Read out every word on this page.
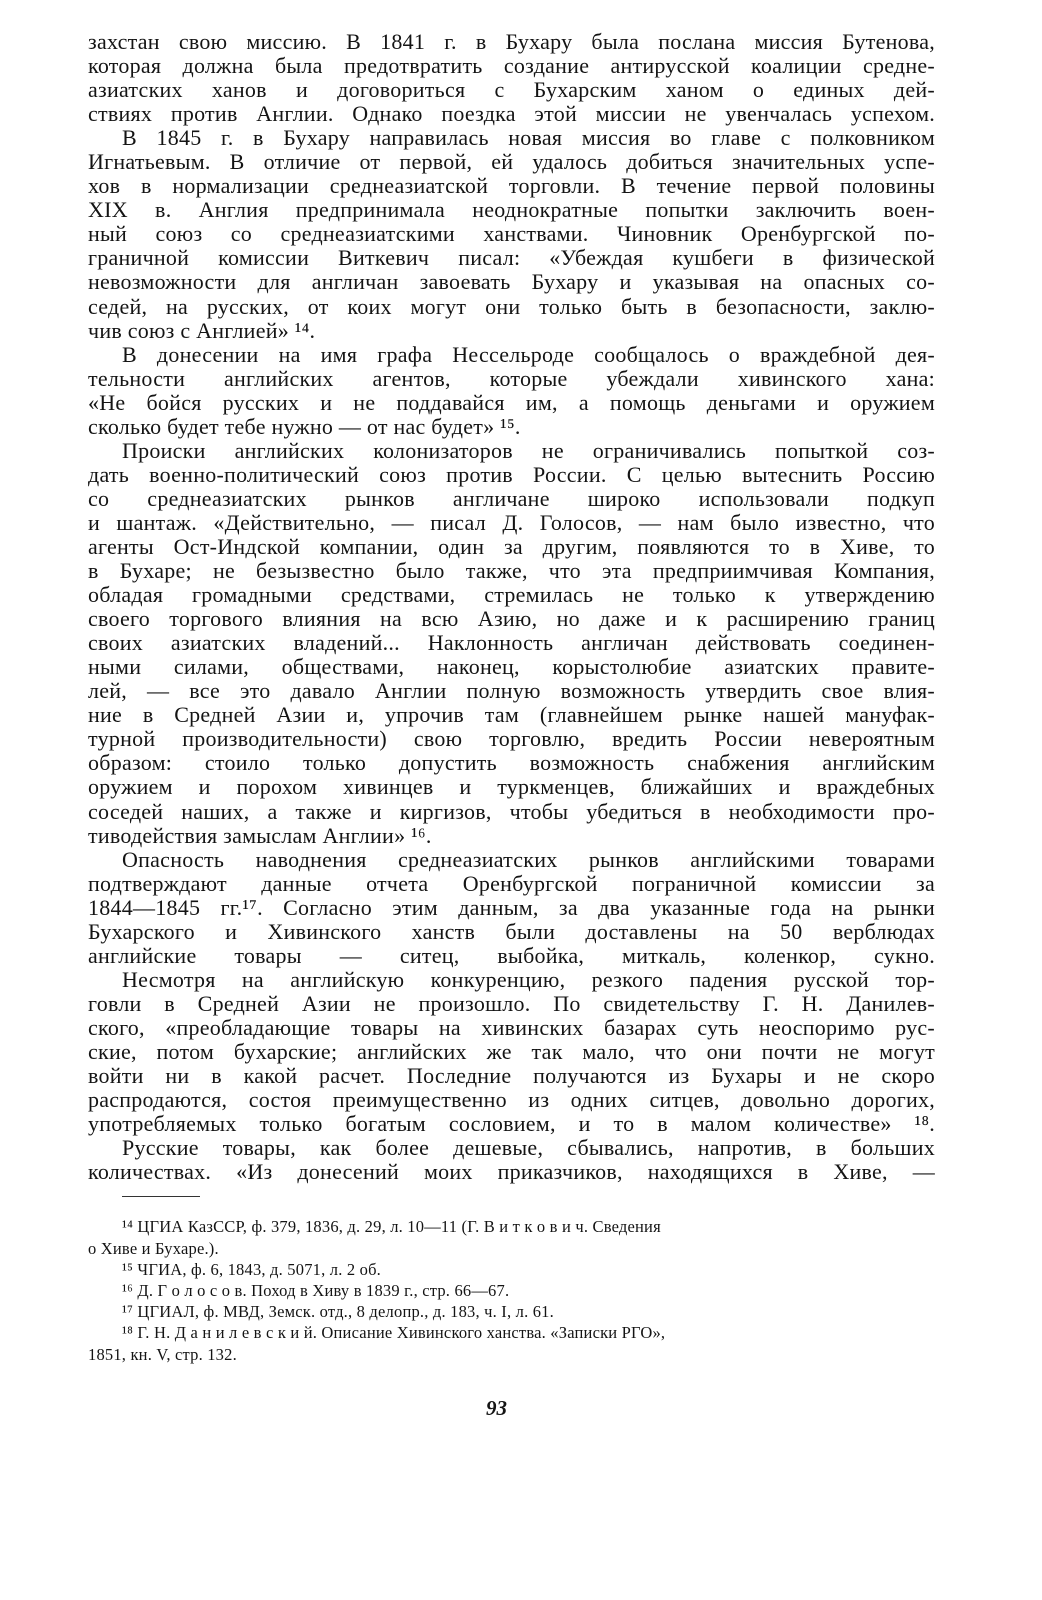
захстан свою миссию. В 1841 г. в Бухару была послана миссия Бутенова,
которая должна была предотвратить создание антирусской коалиции средне-
азиатских ханов и договориться с Бухарским ханом о единых дей-
ствиях против Англии. Однако поездка этой миссии не увенчалась успехом.
В 1845 г. в Бухару направилась новая миссия во главе с полковником
Игнатьевым. В отличие от первой, ей удалось добиться значительных успе-
хов в нормализации среднеазиатской торговли. В течение первой половины
XIX в. Англия предпринимала неоднократные попытки заключить воен-
ный союз со среднеазиатскими ханствами. Чиновник Оренбургской по-
граничной комиссии Виткевич писал: «Убеждая кушбеги в физической
невозможности для англичан завоевать Бухару и указывая на опасных со-
седей, на русских, от коих могут они только быть в безопасности, заклю-
чив союз с Англией» ¹⁴.
В донесении на имя графа Нессельроде сообщалось о враждебной дея-
тельности английских агентов, которые убеждали хивинского хана:
«Не бойся русских и не поддавайся им, а помощь деньгами и оружием
сколько будет тебе нужно — от нас будет» ¹⁵.
Происки английских колонизаторов не ограничивались попыткой соз-
дать военно-политический союз против России. С целью вытеснить Россию
со среднеазиатских рынков англичане широко использовали подкуп
и шантаж. «Действительно, — писал Д. Голосов, — нам было известно, что
агенты Ост-Индской компании, один за другим, появляются то в Хиве, то
в Бухаре; не безызвестно было также, что эта предприимчивая Компания,
обладая громадными средствами, стремилась не только к утверждению
своего торгового влияния на всю Азию, но даже и к расширению границ
своих азиатских владений... Наклонность англичан действовать соединен-
ными силами, обществами, наконец, корыстолюбие азиатских правите-
лей, — все это давало Англии полную возможность утвердить свое влия-
ние в Средней Азии и, упрочив там (главнейшем рынке нашей мануфак-
турной производительности) свою торговлю, вредить России невероятным
образом: стоило только допустить возможность снабжения английским
оружием и порохом хивинцев и туркменцев, ближайших и враждебных
соседей наших, а также и киргизов, чтобы убедиться в необходимости про-
тиводействия замыслам Англии» ¹⁶.
Опасность наводнения среднеазиатских рынков английскими товарами
подтверждают данные отчета Оренбургской пограничной комиссии за
1844—1845 гг.¹⁷. Согласно этим данным, за два указанные года на рынки
Бухарского и Хивинского ханств были доставлены на 50 верблюдах
английские товары — ситец, выбойка, миткаль, коленкор, сукно.
Несмотря на английскую конкуренцию, резкого падения русской тор-
говли в Средней Азии не произошло. По свидетельству Г. Н. Данилев-
ского, «преобладающие товары на хивинских базарах суть неоспоримо рус-
ские, потом бухарские; английских же так мало, что они почти не могут
войти ни в какой расчет. Последние получаются из Бухары и не скоро
распродаются, состоя преимущественно из одних ситцев, довольно дорогих,
употребляемых только богатым сословием, и то в малом количестве» ¹⁸.
Русские товары, как более дешевые, сбывались, напротив, в больших
количествах. «Из донесений моих приказчиков, находящихся в Хиве, —
¹⁴ ЦГИА КазССР, ф. 379, 1836, д. 29, л. 10—11 (Г. В и т к о в и ч. Сведения
о Хиве и Бухаре.).
¹⁵ ЧГИА, ф. 6, 1843, д. 5071, л. 2 об.
¹⁶ Д. Г о л о с о в. Поход в Хиву в 1839 г., стр. 66—67.
¹⁷ ЦГИАЛ, ф. МВД, Земск. отд., 8 делопр., д. 183, ч. I, л. 61.
¹⁸ Г. Н. Д а н и л е в с к и й. Описание Хивинского ханства. «Записки РГО»,
1851, кн. V, стр. 132.
93
